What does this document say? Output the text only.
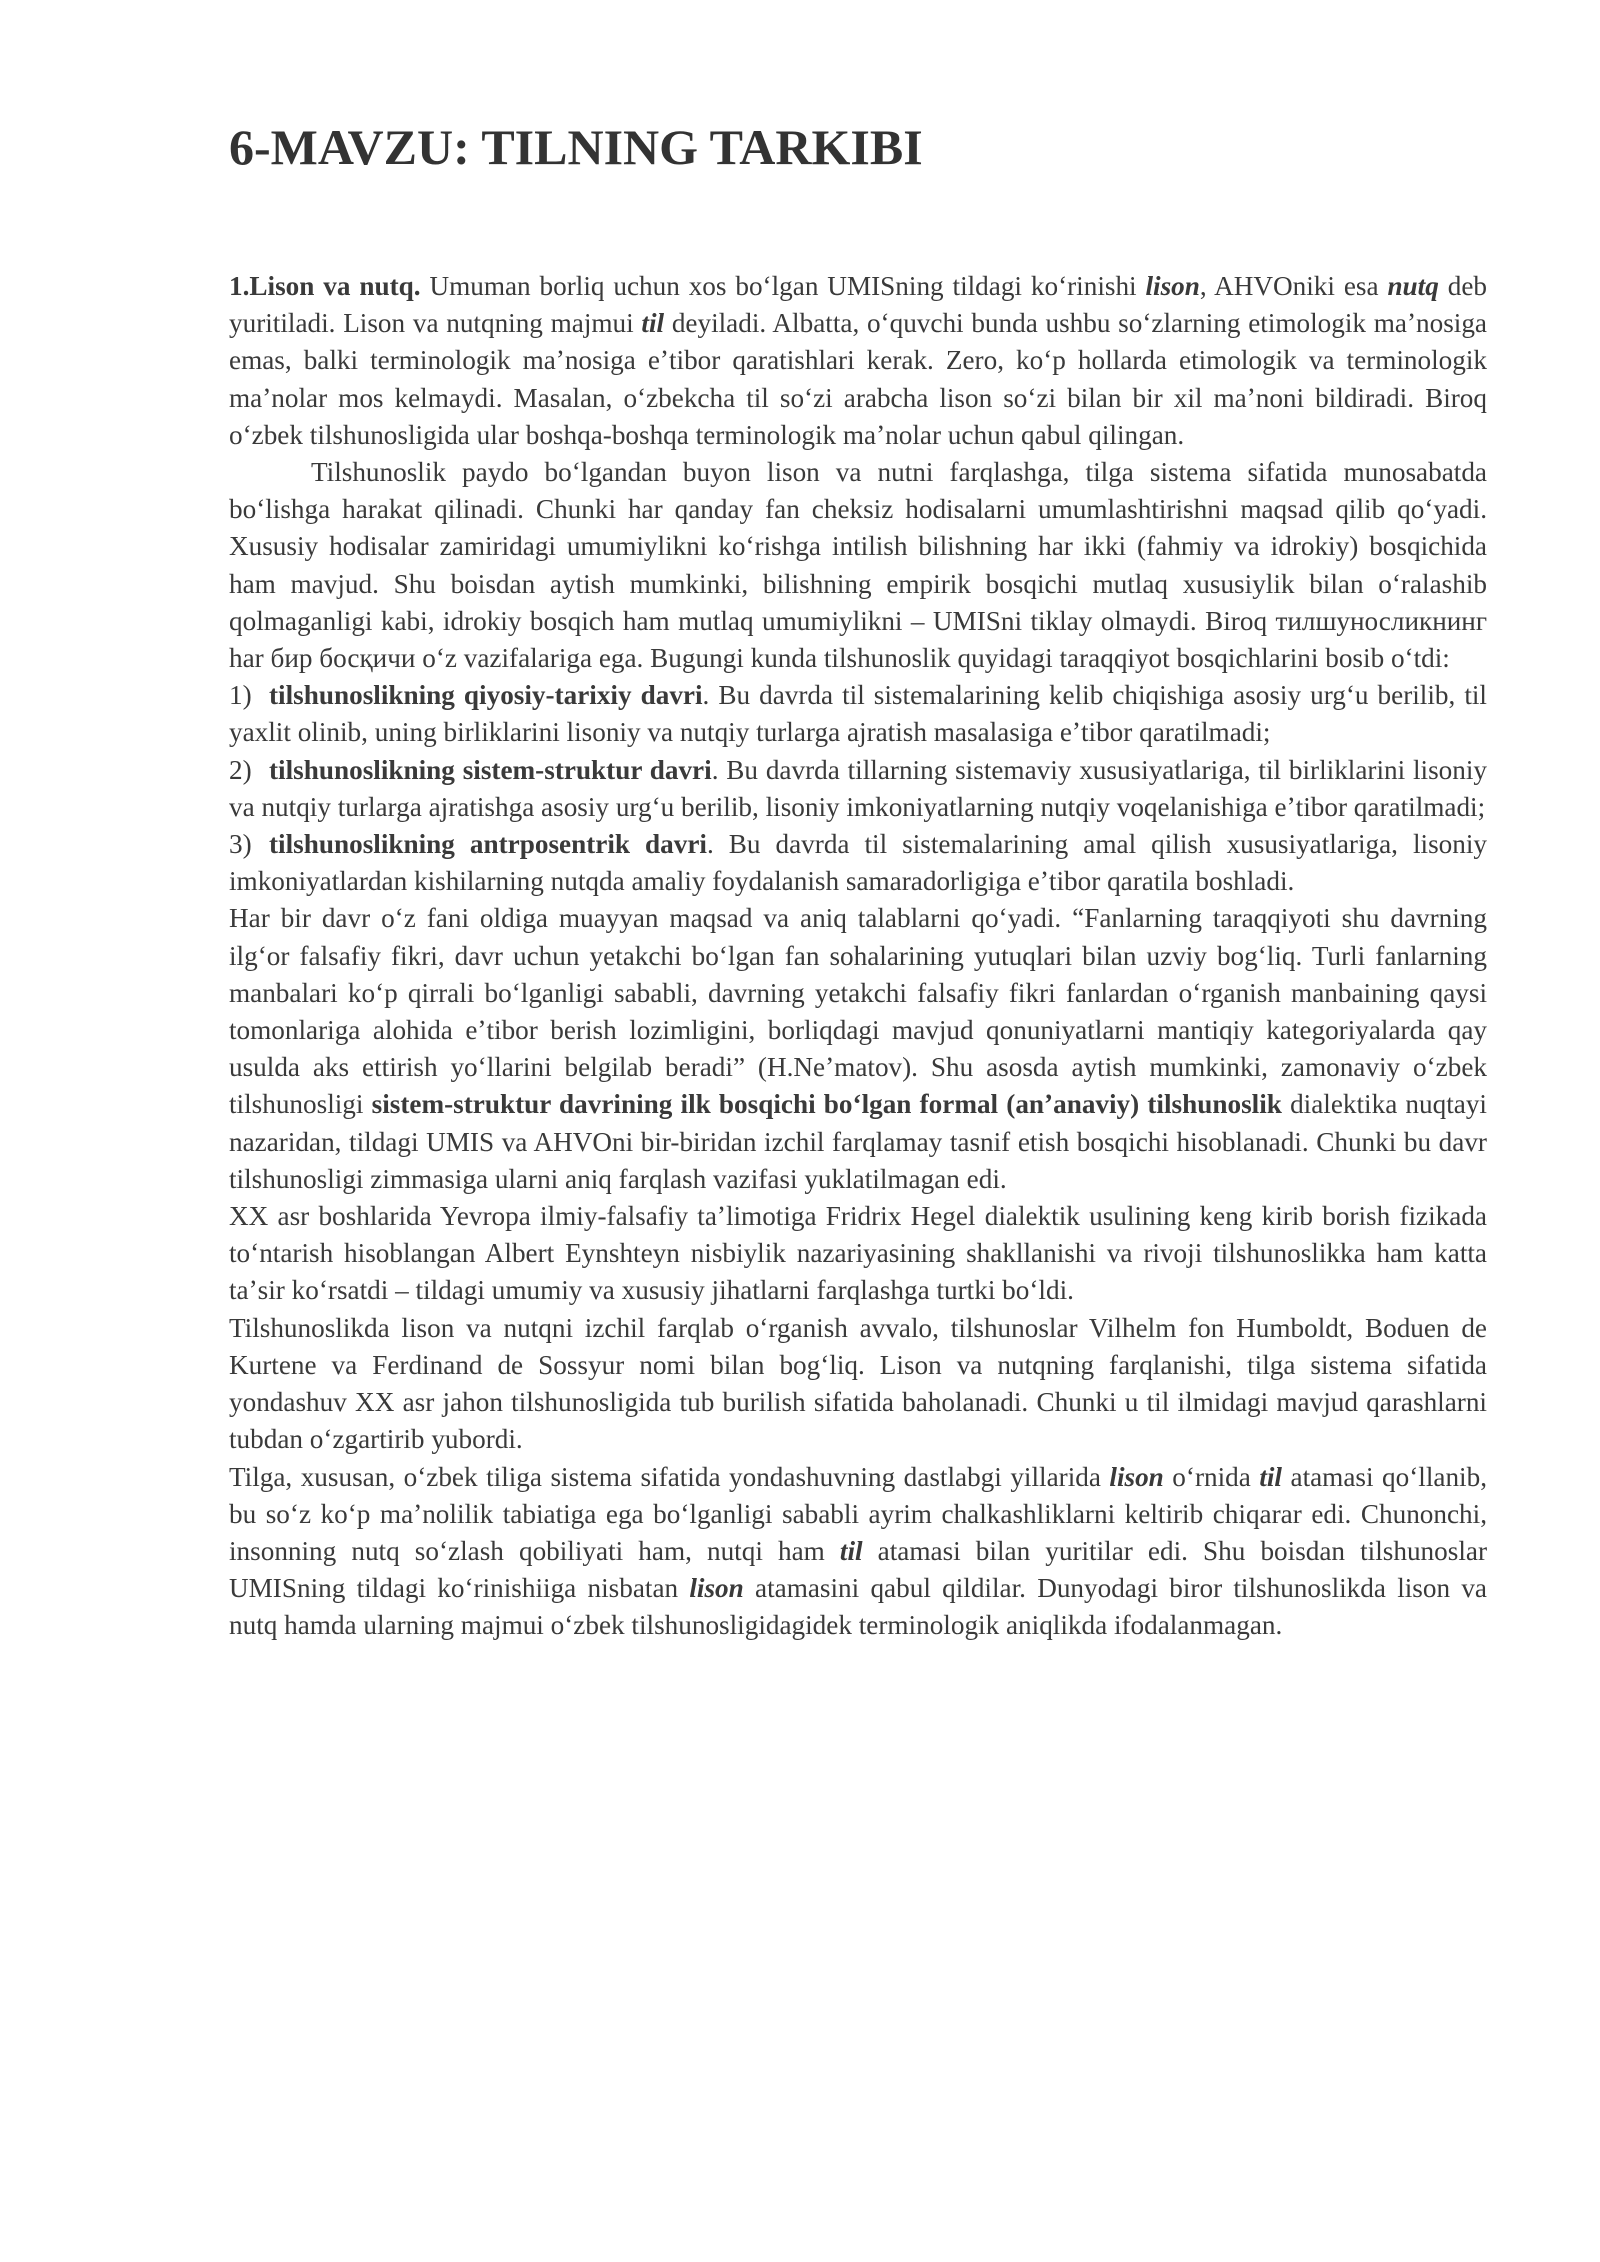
6-MAVZU: TILNING TARKIBI

1.Lison va nutq. Umuman borliq uchun xos boʻlgan UMISning tildagi koʻrinishi lison, AHVOniki esa nutq deb yuritiladi. Lison va nutqning majmui til deyiladi. Albatta, oʻquvchi bunda ushbu soʻzlarning etimologik maʼnosiga emas, balki terminologik maʼnosiga eʼtibor qaratishlari kerak. Zero, koʻp hollarda etimologik va terminologik maʼnolar mos kelmaydi. Masalan, oʻzbekcha til soʻzi arabcha lison soʻzi bilan bir xil maʼnoni bildiradi. Biroq oʻzbek tilshunosligida ular boshqa-boshqa terminologik maʼnolar uchun qabul qilingan.

Tilshunoslik paydo boʻlgandan buyon lison va nutni farqlashga, tilga sistema sifatida munosabatda boʻlishga harakat qilinadi. Chunki har qanday fan cheksiz hodisalarni umumlashtirishni maqsad qilib qoʻyadi. Xususiy hodisalar zamiridagi umumiylikni koʻrishga intilish bilishning har ikki (fahmiy va idrokiy) bosqichida ham mavjud. Shu boisdan aytish mumkinki, bilishning empirik bosqichi mutlaq xususiylik bilan oʻralashib qolmaganligi kabi, idrokiy bosqich ham mutlaq umumiylikni – UMISni tiklay olmaydi. Biroq тилшуносликнинг har бир босқичи oʻz vazifalariga ega. Bugungi kunda tilshunoslik quyidagi taraqqiyot bosqichlarini bosib oʻtdi:

1) tilshunoslikning qiyosiy-tarixiy davri. Bu davrda til sistemalarining kelib chiqishiga asosiy urgʻu berilib, til yaxlit olinib, uning birliklarini lisoniy va nutqiy turlarga ajratish masalasiga eʼtibor qaratilmadi;

2) tilshunoslikning sistem-struktur davri. Bu davrda tillarning sistemaviy xususiyatlariga, til birliklarini lisoniy va nutqiy turlarga ajratishga asosiy urgʻu berilib, lisoniy imkoniyatlarning nutqiy voqelanishiga eʼtibor qaratilmadi;

3) tilshunoslikning antrposentrik davri. Bu davrda til sistemalarining amal qilish xususiyatlariga, lisoniy imkoniyatlardan kishilarning nutqda amaliy foydalanish samaradorligiga eʼtibor qaratila boshladi.

Har bir davr oʻz fani oldiga muayyan maqsad va aniq talablarni qoʻyadi. “Fanlarning taraqqiyoti shu davrning ilgʻor falsafiy fikri, davr uchun yetakchi boʻlgan fan sohalarining yutuqlari bilan uzviy bogʻliq. Turli fanlarning manbalari koʻp qirrali boʻlganligi sababli, davrning yetakchi falsafiy fikri fanlardan oʻrganish manbaining qaysi tomonlariga alohida eʼtibor berish lozimligini, borliqdagi mavjud qonuniyatlarni mantiqiy kategoriyalarda qay usulda aks ettirish yoʻllarini belgilab beradi” (H.Neʼmatov). Shu asosda aytish mumkinki, zamonaviy oʻzbek tilshunosligi sistem-struktur davrining ilk bosqichi boʻlgan formal (anʼanaviy) tilshunoslik dialektika nuqtayi nazaridan, tildagi UMIS va AHVOni bir-biridan izchil farqlamay tasnif etish bosqichi hisoblanadi. Chunki bu davr tilshunosligi zimmasiga ularni aniq farqlash vazifasi yuklatilmagan edi.

XX asr boshlarida Yevropa ilmiy-falsafiy taʼlimotiga Fridrix Hegel dialektik usulining keng kirib borish fizikada toʻntarish hisoblangan Albert Eynshteyn nisbiylik nazariyasining shakllanishi va rivoji tilshunoslikka ham katta taʼsir koʻrsatdi – tildagi umumiy va xususiy jihatlarni farqlashga turtki boʻldi.

Tilshunoslikda lison va nutqni izchil farqlab oʻrganish avvalo, tilshunoslar Vilhelm fon Humboldt, Boduen de Kurtene va Ferdinand de Sossyur nomi bilan bogʻliq. Lison va nutqning farqlanishi, tilga sistema sifatida yondashuv XX asr jahon tilshunosligida tub burilish sifatida baholanadi. Chunki u til ilmidagi mavjud qarashlarni tubdan oʻzgartirib yubordi.

Tilga, xususan, oʻzbek tiliga sistema sifatida yondashuvning dastlabgi yillarida lison oʻrnida til atamasi qoʻllanib, bu soʻz koʻp maʼnolilik tabiatiga ega boʻlganligi sababli ayrim chalkashliklarni keltirib chiqarar edi. Chunonchi, insonning nutq soʻzlash qobiliyati ham, nutqi ham til atamasi bilan yuritilar edi. Shu boisdan tilshunoslar UMISning tildagi koʻrinishiiga nisbatan lison atamasini qabul qildilar. Dunyodagi biror tilshunoslikda lison va nutq hamda ularning majmui oʻzbek tilshunosligidagidek terminologik aniqlikda ifodalanmagan.
